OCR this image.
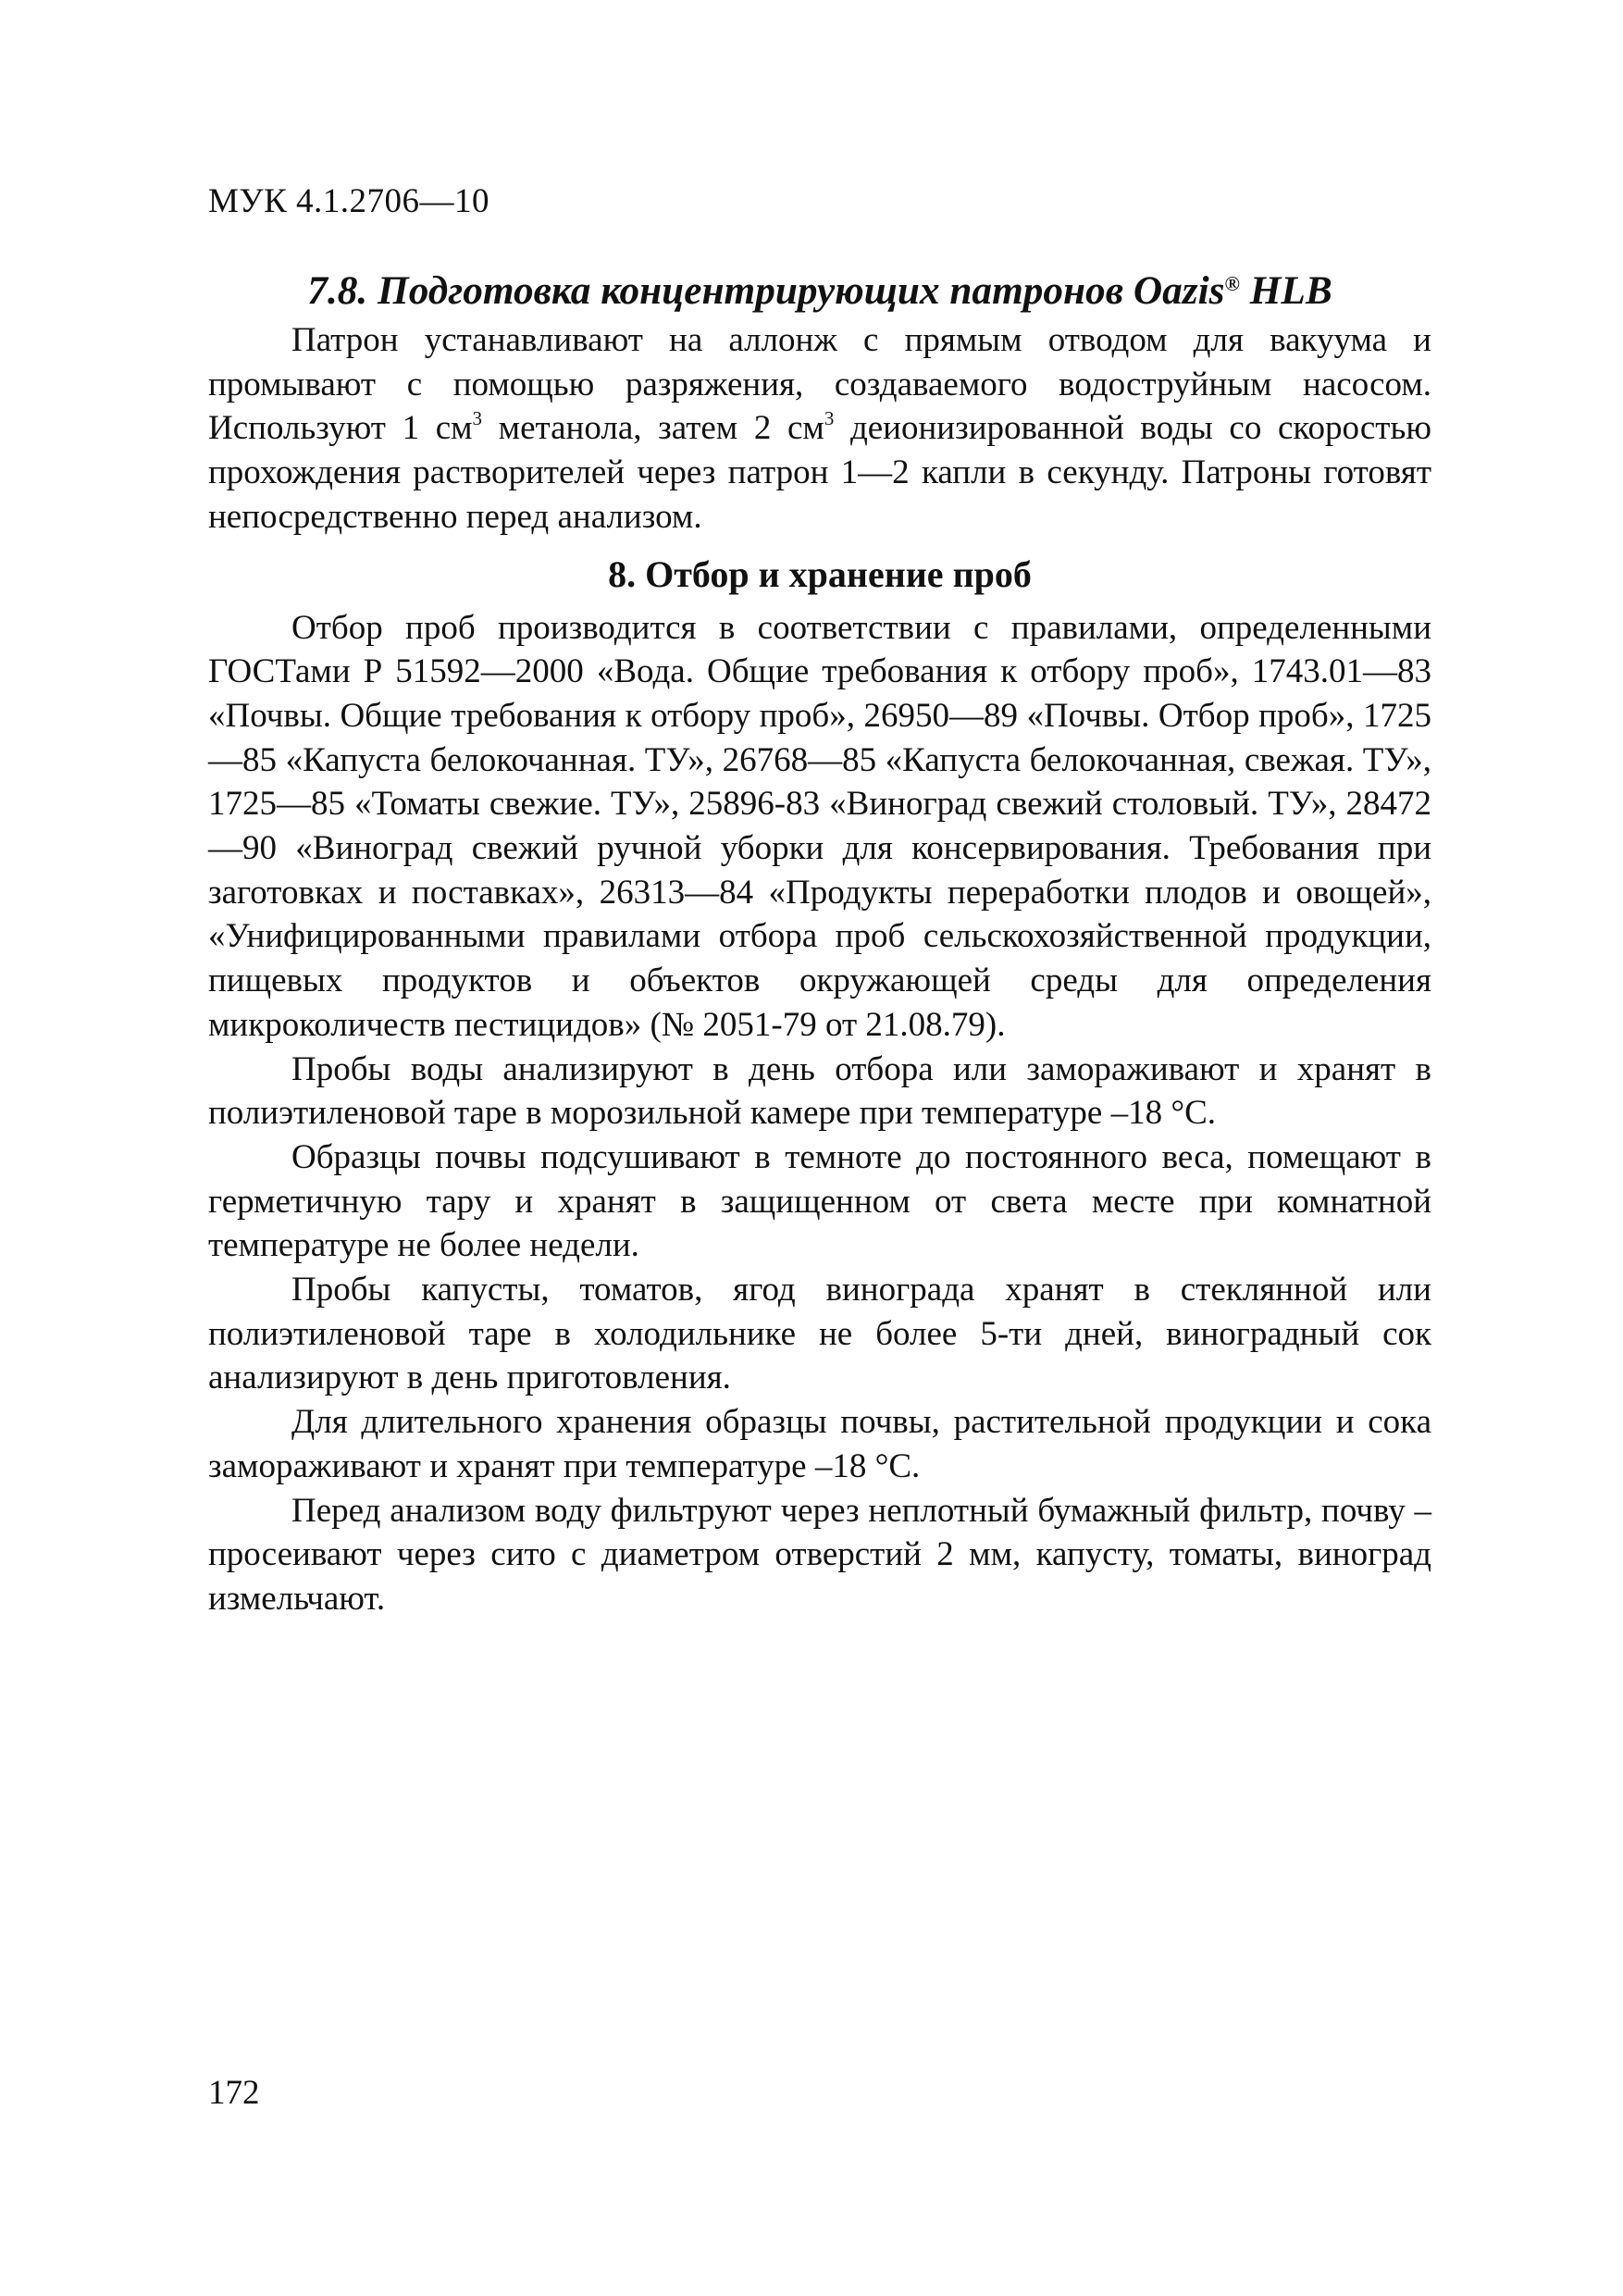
МУК 4.1.2706—10

7.8. Подготовка концентрирующих патронов Oazis® HLB

Патрон устанавливают на аллонж с прямым отводом для вакуума и промывают с помощью разряжения, создаваемого водоструйным насосом. Используют 1 $см^3$ метанола, затем 2 $см^3$ деионизированной воды со скоростью прохождения растворителей через патрон 1—2 капли в секунду. Патроны готовят непосредственно перед анализом.

8. Отбор и хранение проб

Отбор проб производится в соответствии с правилами, определенными ГОСТами Р 51592—2000 «Вода. Общие требования к отбору проб», 1743.01—83 «Почвы. Общие требования к отбору проб», 26950—89 «Почвы. Отбор проб», 1725—85 «Капуста белокочанная. ТУ», 26768—85 «Капуста белокочанная, свежая. ТУ», 1725—85 «Томаты свежие. ТУ», 25896-83 «Виноград свежий столовый. ТУ», 28472—90 «Виноград свежий ручной уборки для консервирования. Требования при заготовках и поставках», 26313—84 «Продукты переработки плодов и овощей», «Унифицированными правилами отбора проб сельскохозяйственной продукции, пищевых продуктов и объектов окружающей среды для определения микроколичеств пестицидов» (№ 2051-79 от 21.08.79).

Пробы воды анализируют в день отбора или замораживают и хранят в полиэтиленовой таре в морозильной камере при температуре –18 °С.

Образцы почвы подсушивают в темноте до постоянного веса, помещают в герметичную тару и хранят в защищенном от света месте при комнатной температуре не более недели.

Пробы капусты, томатов, ягод винограда хранят в стеклянной или полиэтиленовой таре в холодильнике не более 5-ти дней, виноградный сок анализируют в день приготовления.

Для длительного хранения образцы почвы, растительной продукции и сока замораживают и хранят при температуре –18 °С.

Перед анализом воду фильтруют через неплотный бумажный фильтр, почву – просеивают через сито с диаметром отверстий 2 мм, капусту, томаты, виноград измельчают.

172
